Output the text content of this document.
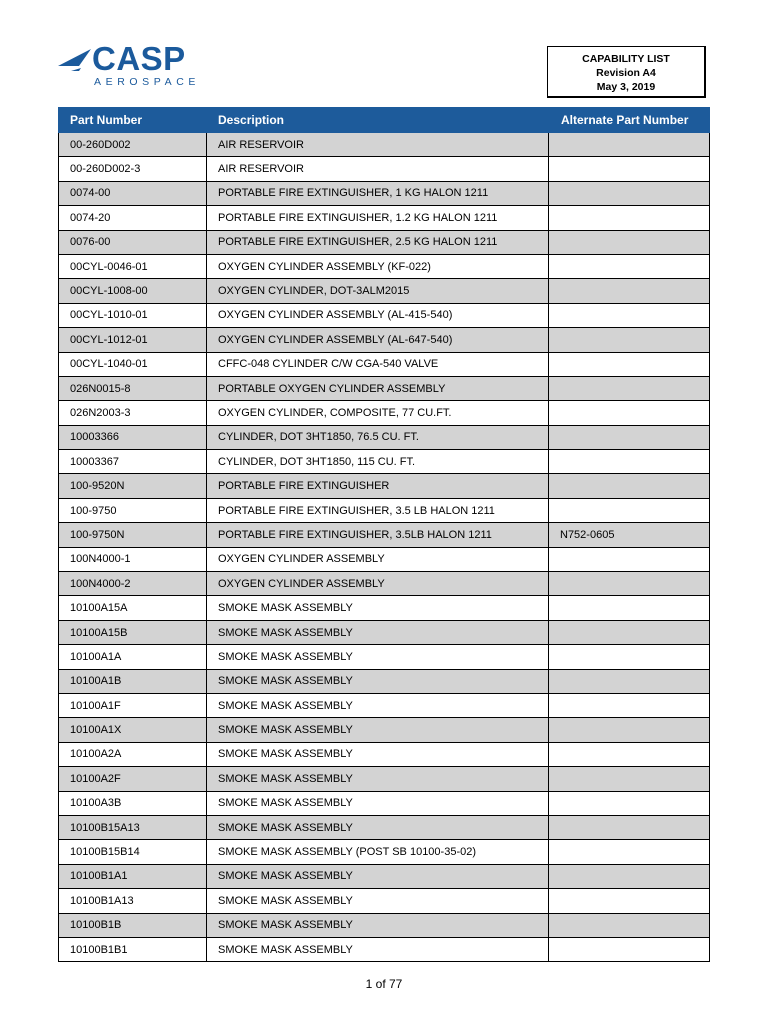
CASP
AEROSPACE
CAPABILITY LIST
Revision A4
May 3, 2019
Part Number	Description	Alternate Part Number
00-260D002	AIR RESERVOIR	
00-260D002-3	AIR RESERVOIR	
0074-00	PORTABLE FIRE EXTINGUISHER, 1 KG HALON 1211	
0074-20	PORTABLE FIRE EXTINGUISHER, 1.2 KG HALON 1211	
0076-00	PORTABLE FIRE EXTINGUISHER, 2.5 KG HALON 1211	
00CYL-0046-01	OXYGEN CYLINDER ASSEMBLY (KF-022)	
00CYL-1008-00	OXYGEN CYLINDER, DOT-3ALM2015	
00CYL-1010-01	OXYGEN CYLINDER ASSEMBLY (AL-415-540)	
00CYL-1012-01	OXYGEN CYLINDER ASSEMBLY (AL-647-540)	
00CYL-1040-01	CFFC-048 CYLINDER C/W CGA-540 VALVE	
026N0015-8	PORTABLE OXYGEN CYLINDER ASSEMBLY	
026N2003-3	OXYGEN CYLINDER, COMPOSITE, 77 CU.FT.	
10003366	CYLINDER, DOT 3HT1850, 76.5 CU. FT.	
10003367	CYLINDER, DOT 3HT1850, 115 CU. FT.	
100-9520N	PORTABLE FIRE EXTINGUISHER	
100-9750	PORTABLE FIRE EXTINGUISHER, 3.5 LB HALON 1211	
100-9750N	PORTABLE FIRE EXTINGUISHER, 3.5LB HALON 1211	N752-0605
100N4000-1	OXYGEN CYLINDER ASSEMBLY	
100N4000-2	OXYGEN CYLINDER ASSEMBLY	
10100A15A	SMOKE MASK ASSEMBLY	
10100A15B	SMOKE MASK ASSEMBLY	
10100A1A	SMOKE MASK ASSEMBLY	
10100A1B	SMOKE MASK ASSEMBLY	
10100A1F	SMOKE MASK ASSEMBLY	
10100A1X	SMOKE MASK ASSEMBLY	
10100A2A	SMOKE MASK ASSEMBLY	
10100A2F	SMOKE MASK ASSEMBLY	
10100A3B	SMOKE MASK ASSEMBLY	
10100B15A13	SMOKE MASK ASSEMBLY	
10100B15B14	SMOKE MASK ASSEMBLY (POST SB 10100-35-02)	
10100B1A1	SMOKE MASK ASSEMBLY	
10100B1A13	SMOKE MASK ASSEMBLY	
10100B1B	SMOKE MASK ASSEMBLY	
10100B1B1	SMOKE MASK ASSEMBLY	
1 of 77
